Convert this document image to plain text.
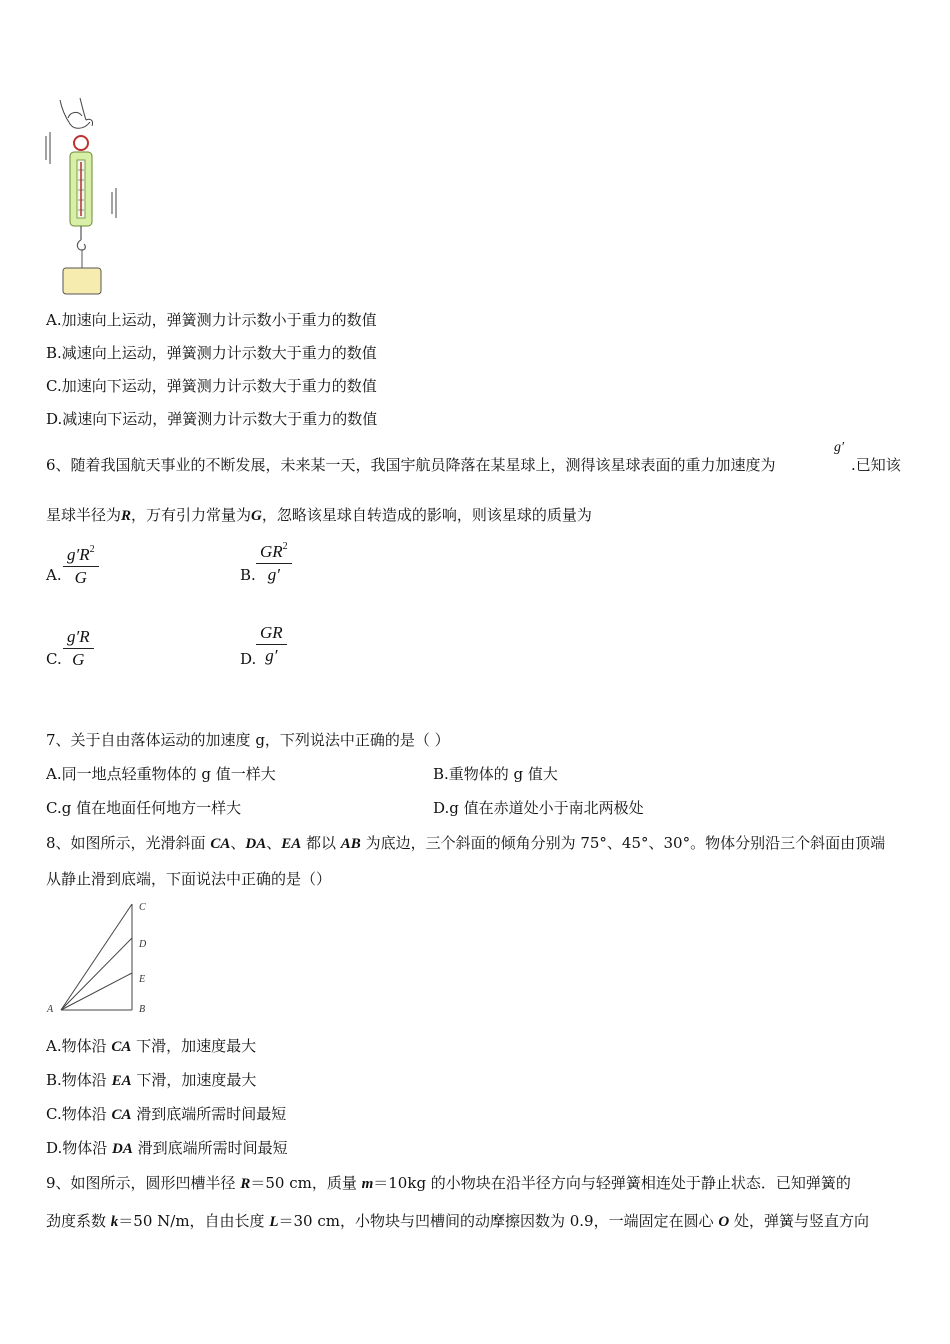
A.加速向上运动，弹簧测力计示数小于重力的数值
B.减速向上运动，弹簧测力计示数大于重力的数值
C.加速向下运动，弹簧测力计示数大于重力的数值
D.减速向下运动，弹簧测力计示数大于重力的数值
6、随着我国航天事业的不断发展，未来某一天，我国宇航员降落在某星球上，测得该星球表面的重力加速度为
g′
.已知该
星球半径为R，万有引力常量为G，忽略该星球自转造成的影响，则该星球的质量为
A. $\frac{g'R^2}{G}$	B. $\frac{GR^2}{g'}$
C. $\frac{g'R}{G}$	D. $\frac{GR}{g'}$
7、关于自由落体运动的加速度 g，下列说法中正确的是（ ）
A.同一地点轻重物体的 g 值一样大	B.重物体的 g 值大
C.g 值在地面任何地方一样大	D.g 值在赤道处小于南北两极处
8、如图所示，光滑斜面 CA、DA、EA 都以 AB 为底边，三个斜面的倾角分别为 75°、45°、30°。物体分别沿三个斜面由顶端
从静止滑到底端，下面说法中正确的是（）
A	B
C
D
E
A.物体沿 CA 下滑，加速度最大
B.物体沿 EA 下滑，加速度最大
C.物体沿 CA 滑到底端所需时间最短
D.物体沿 DA 滑到底端所需时间最短
9、如图所示，圆形凹槽半径 R＝50 cm，质量 m＝10kg 的小物块在沿半径方向与轻弹簧相连处于静止状态．已知弹簧的
劲度系数 k＝50 N/m，自由长度 L＝30 cm，小物块与凹槽间的动摩擦因数为 0.9，一端固定在圆心 O 处，弹簧与竖直方向
